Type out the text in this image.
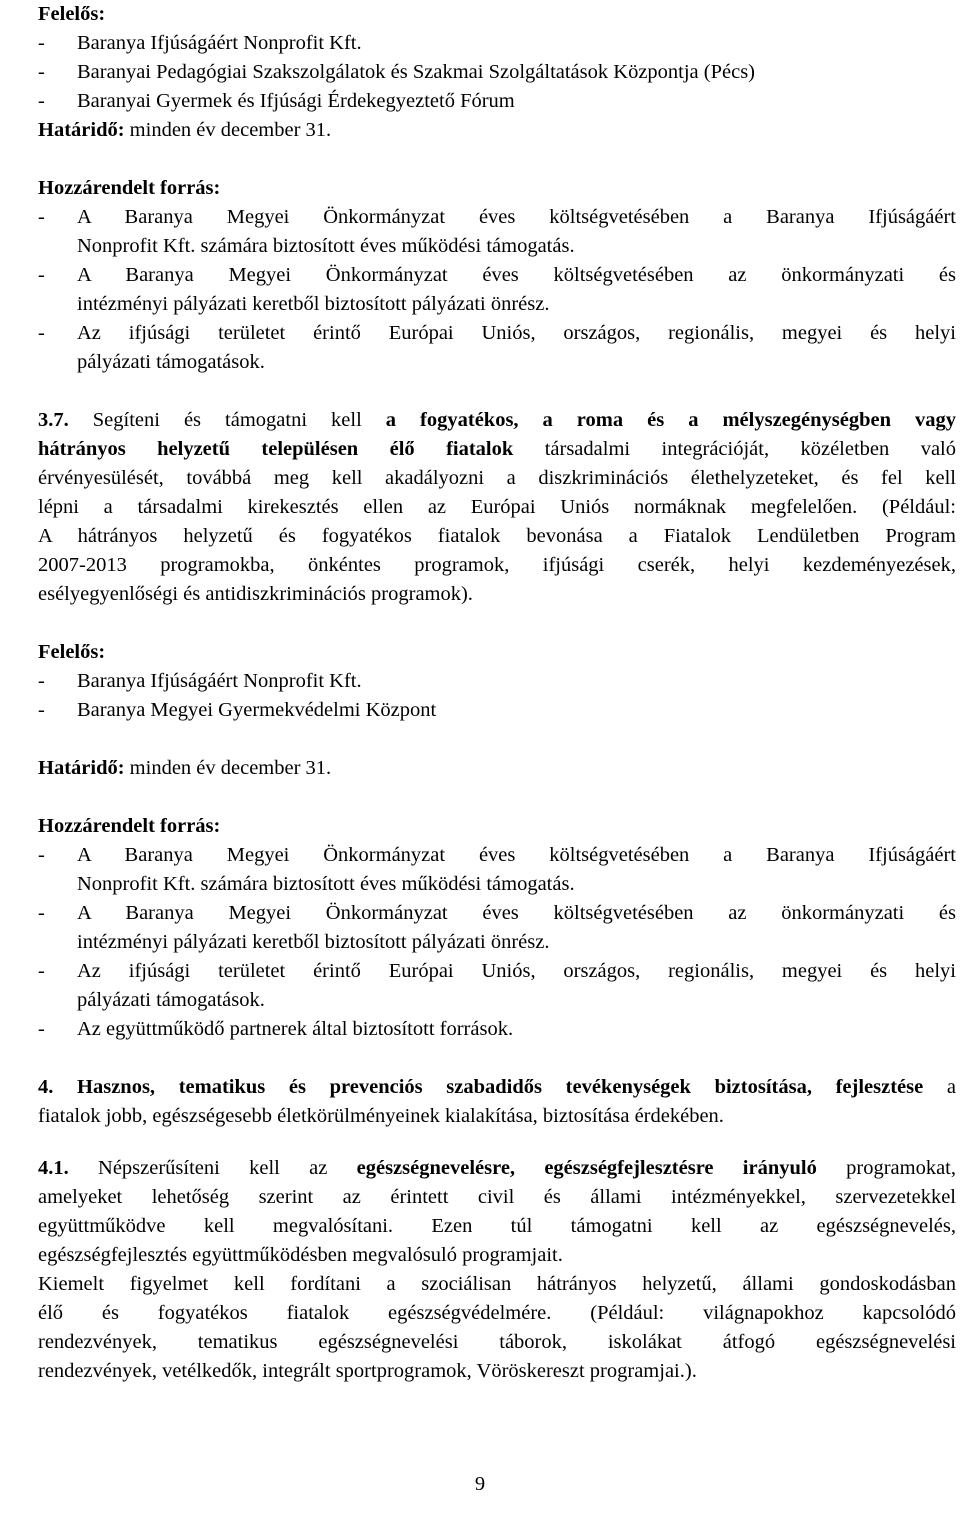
Felelős:
- Baranya Ifjúságáért Nonprofit Kft.
- Baranyai Pedagógiai Szakszolgálatok és Szakmai Szolgáltatások Központja (Pécs)
- Baranyai Gyermek és Ifjúsági Érdekegyeztető Fórum
Határidő: minden év december 31.
Hozzárendelt forrás:
- A Baranya Megyei Önkormányzat éves költségvetésében a Baranya Ifjúságáért
Nonprofit Kft. számára biztosított éves működési támogatás.
- A Baranya Megyei Önkormányzat éves költségvetésében az önkormányzati és
intézményi pályázati keretből biztosított pályázati önrész.
- Az ifjúsági területet érintő Európai Uniós, országos, regionális, megyei és helyi
pályázati támogatások.
3.7. Segíteni és támogatni kell a fogyatékos, a roma és a mélyszegénységben vagy
hátrányos helyzetű településen élő fiatalok társadalmi integrációját, közéletben való
érvényesülését, továbbá meg kell akadályozni a diszkriminációs élethelyzeteket, és fel kell
lépni a társadalmi kirekesztés ellen az Európai Uniós normáknak megfelelően. (Például:
A hátrányos helyzetű és fogyatékos fiatalok bevonása a Fiatalok Lendületben Program
2007-2013 programokba, önkéntes programok, ifjúsági cserék, helyi kezdeményezések,
esélyegyenlőségi és antidiszkriminációs programok).
Felelős:
- Baranya Ifjúságáért Nonprofit Kft.
- Baranya Megyei Gyermekvédelmi Központ
Határidő: minden év december 31.
Hozzárendelt forrás:
- A Baranya Megyei Önkormányzat éves költségvetésében a Baranya Ifjúságáért
Nonprofit Kft. számára biztosított éves működési támogatás.
- A Baranya Megyei Önkormányzat éves költségvetésében az önkormányzati és
intézményi pályázati keretből biztosított pályázati önrész.
- Az ifjúsági területet érintő Európai Uniós, országos, regionális, megyei és helyi
pályázati támogatások.
- Az együttműködő partnerek által biztosított források.
4. Hasznos, tematikus és prevenciós szabadidős tevékenységek biztosítása, fejlesztése a
fiatalok jobb, egészségesebb életkörülményeinek kialakítása, biztosítása érdekében.
4.1. Népszerűsíteni kell az egészségnevelésre, egészségfejlesztésre irányuló programokat,
amelyeket lehetőség szerint az érintett civil és állami intézményekkel, szervezetekkel
együttműködve kell megvalósítani. Ezen túl támogatni kell az egészségnevelés,
egészségfejlesztés együttműködésben megvalósuló programjait.
Kiemelt figyelmet kell fordítani a szociálisan hátrányos helyzetű, állami gondoskodásban
élő és fogyatékos fiatalok egészségvédelmére. (Például: világnapokhoz kapcsolódó
rendezvények, tematikus egészségnevelési táborok, iskolákat átfogó egészségnevelési
rendezvények, vetélkedők, integrált sportprogramok, Vöröskereszt programjai.).
9
